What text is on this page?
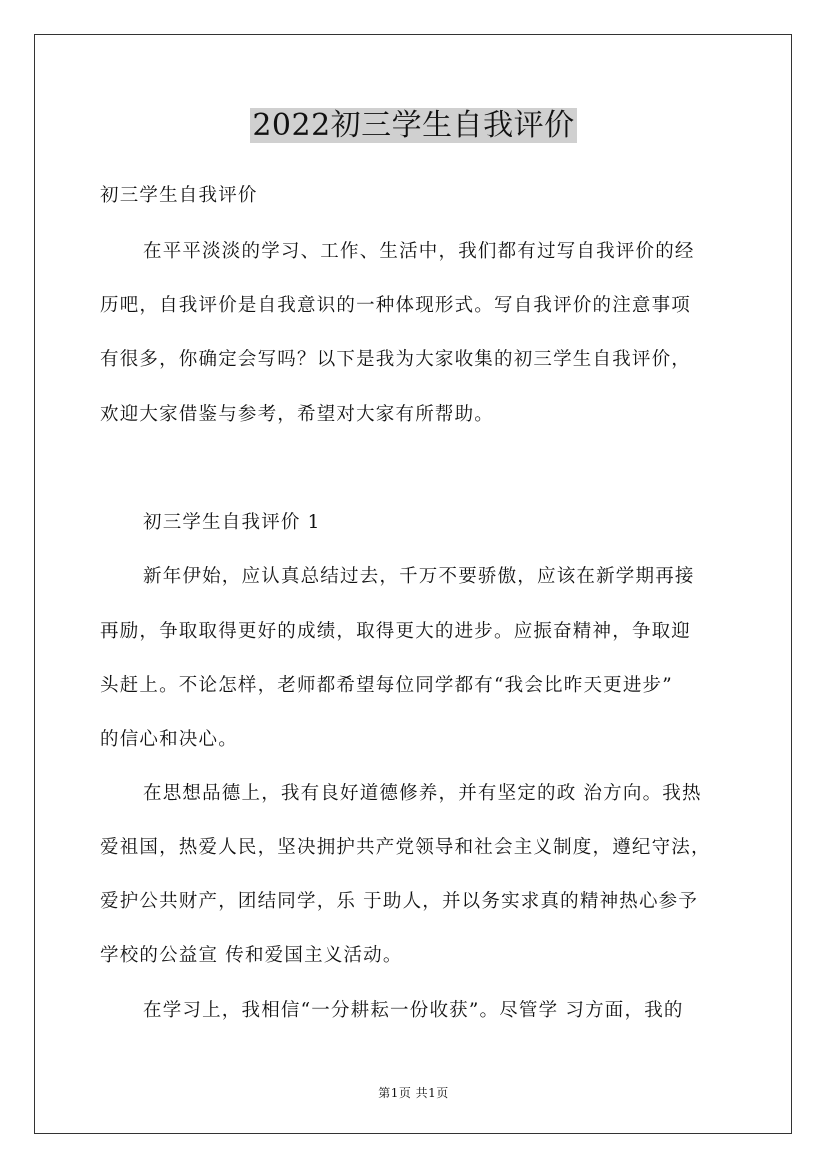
2022初三学生自我评价
初三学生自我评价
在平平淡淡的学习、工作、生活中，我们都有过写自我评价的经
历吧，自我评价是自我意识的一种体现形式。写自我评价的注意事项
有很多，你确定会写吗？以下是我为大家收集的初三学生自我评价，
欢迎大家借鉴与参考，希望对大家有所帮助。
初三学生自我评价 1
新年伊始，应认真总结过去，千万不要骄傲，应该在新学期再接
再励，争取取得更好的成绩，取得更大的进步。应振奋精神，争取迎
头赶上。不论怎样，老师都希望每位同学都有“我会比昨天更进步”
的信心和决心。
在思想品德上，我有良好道德修养，并有坚定的政 治方向。我热
爱祖国，热爱人民，坚决拥护共产党领导和社会主义制度，遵纪守法，
爱护公共财产，团结同学，乐 于助人，并以务实求真的精神热心参予
学校的公益宣 传和爱国主义活动。
在学习上，我相信“一分耕耘一份收获”。尽管学 习方面，我的
第1页 共1页
